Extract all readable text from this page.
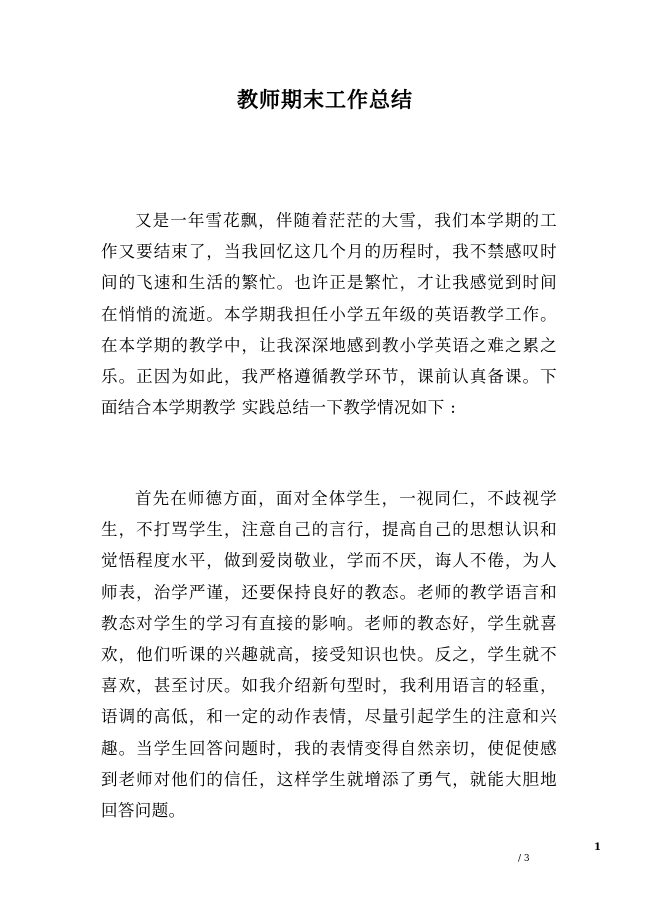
教师期末工作总结

又是一年雪花飘，伴随着茫茫的大雪，我们本学期的工作又要结束了，当我回忆这几个月的历程时，我不禁感叹时间的飞速和生活的繁忙。也许正是繁忙，才让我感觉到时间在悄悄的流逝。本学期我担任小学五年级的英语教学工作。在本学期的教学中，让我深深地感到教小学英语之难之累之乐。正因为如此，我严格遵循教学环节，课前认真备课。下面结合本学期教学 实践总结一下教学情况如下 :

首先在师德方面，面对全体学生，一视同仁，不歧视学生，不打骂学生，注意自己的言行，提高自己的思想认识和觉悟程度水平，做到爱岗敬业，学而不厌，诲人不倦，为人师表，治学严谨，还要保持良好的教态。老师的教学语言和教态对学生的学习有直接的影响。老师的教态好，学生就喜欢，他们听课的兴趣就高，接受知识也快。反之，学生就不喜欢，甚至讨厌。如我介绍新句型时，我利用语言的轻重，语调的高低，和一定的动作表情，尽量引起学生的注意和兴趣。当学生回答问题时，我的表情变得自然亲切，使促使感到老师对他们的信任，这样学生就增添了勇气，就能大胆地回答问题。

1
/ 3
